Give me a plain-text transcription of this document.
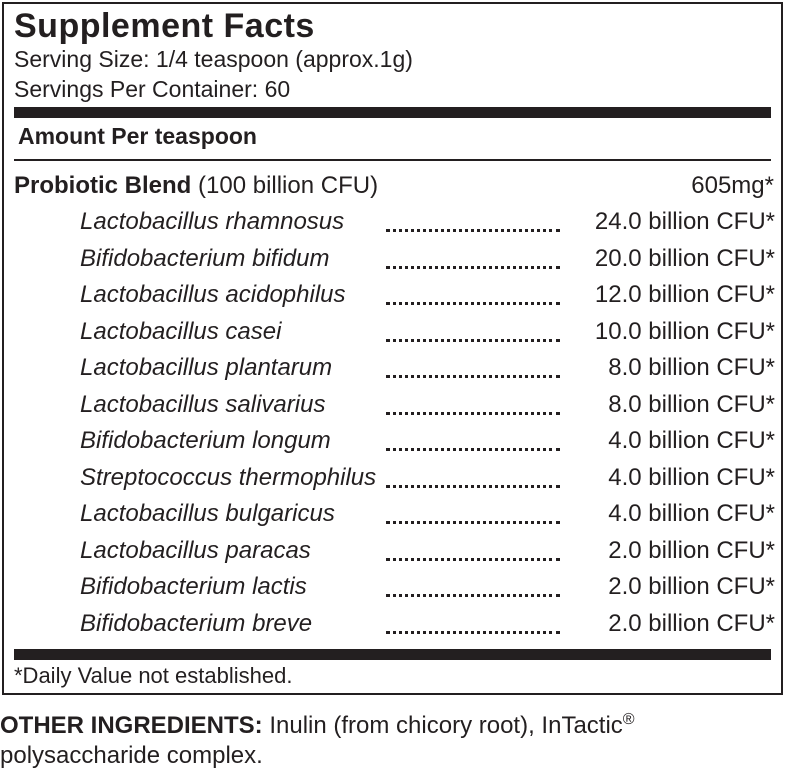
Supplement Facts
Serving Size: 1/4 teaspoon (approx.1g)
Servings Per Container: 60
Amount Per teaspoon
Probiotic Blend (100 billion CFU)	605mg*
Lactobacillus rhamnosus	24.0 billion CFU*
Bifidobacterium bifidum	20.0 billion CFU*
Lactobacillus acidophilus	12.0 billion CFU*
Lactobacillus casei	10.0 billion CFU*
Lactobacillus plantarum	8.0 billion CFU*
Lactobacillus salivarius	8.0 billion CFU*
Bifidobacterium longum	4.0 billion CFU*
Streptococcus thermophilus	4.0 billion CFU*
Lactobacillus bulgaricus	4.0 billion CFU*
Lactobacillus paracas	2.0 billion CFU*
Bifidobacterium lactis	2.0 billion CFU*
Bifidobacterium breve	2.0 billion CFU*
*Daily Value not established.
OTHER INGREDIENTS: Inulin (from chicory root), InTactic®
polysaccharide complex.
